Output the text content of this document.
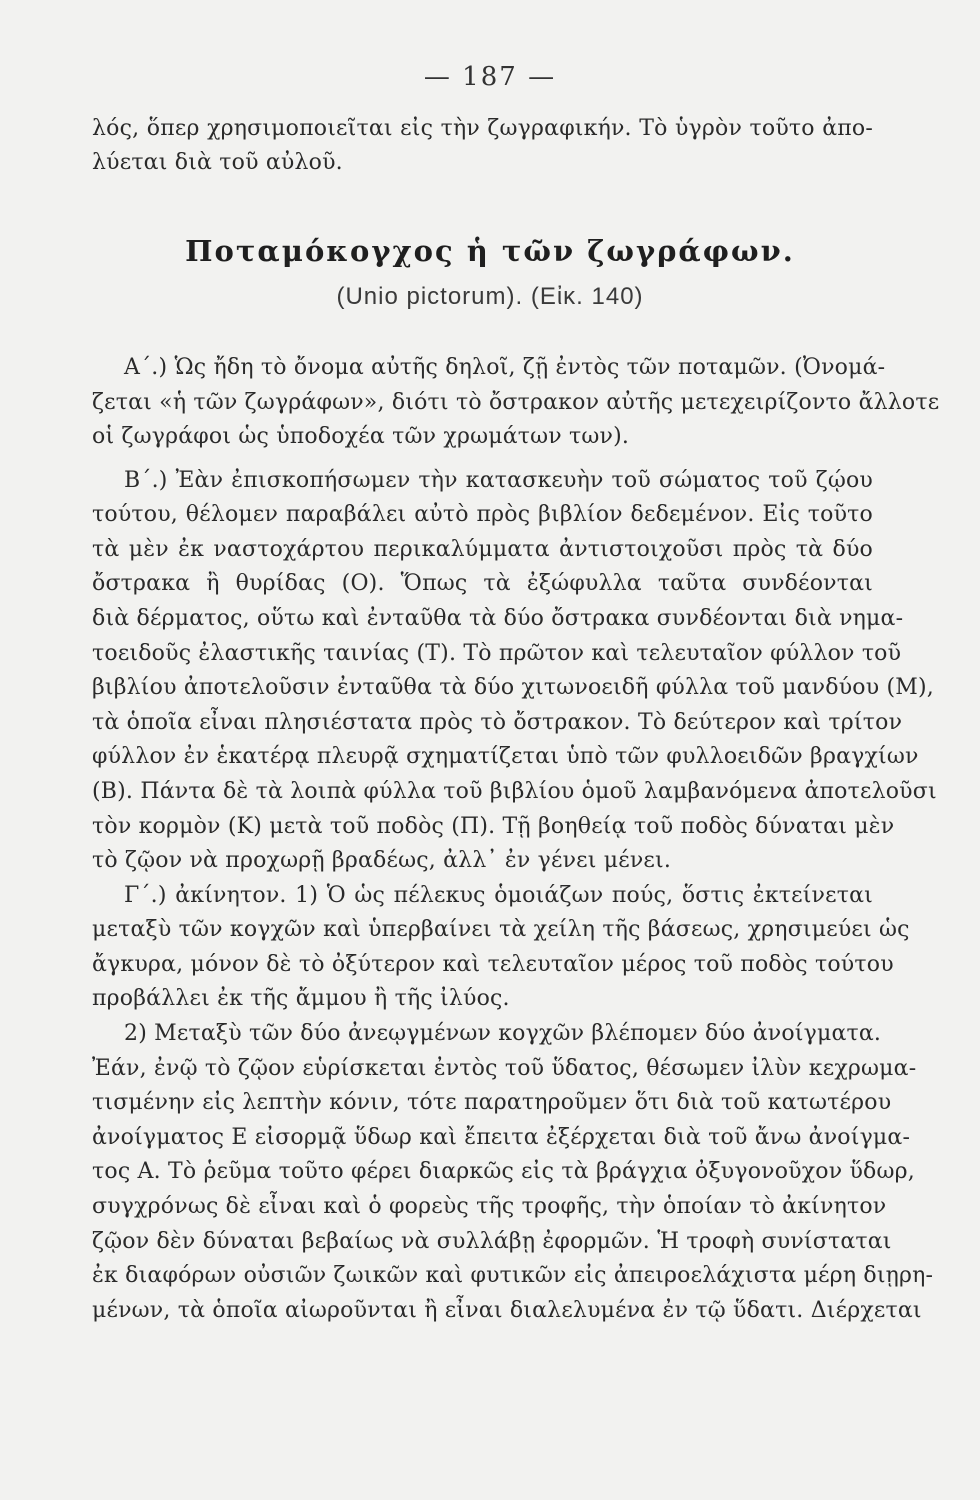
— 187 —
λός, ὅπερ χρησιμοποιεῖται εἰς τὴν ζωγραφικήν. Τὸ ὑγρὸν τοῦτο ἀπο-
λύεται διὰ τοῦ αὐλοῦ.
Ποταμόκογχος ἡ τῶν ζωγράφων.
(Unio pictorum). (Εἰκ. 140)
Α΄.) Ὡς ἤδη τὸ ὄνομα αὐτῆς δηλοῖ, ζῇ ἐντὸς τῶν ποταμῶν. (Ὀνομά-
ζεται «ἡ τῶν ζωγράφων», διότι τὸ ὄστρακον αὐτῆς μετεχειρίζοντο ἄλλοτε
οἱ ζωγράφοι ὡς ὑποδοχέα τῶν χρωμάτων των).
Β΄.) Ἐὰν ἐπισκοπήσωμεν τὴν κατασκευὴν τοῦ σώματος τοῦ ζῴου
τούτου, θέλομεν παραβάλει αὐτὸ πρὸς βιβλίον δεδεμένον. Εἰς τοῦτο
τὰ μὲν ἐκ ναστοχάρτου περικαλύμματα ἀντιστοιχοῦσι πρὸς τὰ δύο
ὄστρακα ἢ θυρίδας (Ο). Ὅπως τὰ ἐξώφυλλα ταῦτα συνδέονται
διὰ δέρματος, οὕτω καὶ ἐνταῦθα τὰ δύο ὄστρακα συνδέονται διὰ νημα-
τοειδοῦς ἐλαστικῆς ταινίας (Τ). Τὸ πρῶτον καὶ τελευταῖον φύλλον τοῦ
βιβλίου ἀποτελοῦσιν ἐνταῦθα τὰ δύο χιτωνοειδῆ φύλλα τοῦ μανδύου (Μ),
τὰ ὁποῖα εἶναι πλησιέστατα πρὸς τὸ ὄστρακον. Τὸ δεύτερον καὶ τρίτον
φύλλον ἐν ἑκατέρᾳ πλευρᾷ σχηματίζεται ὑπὸ τῶν φυλλοειδῶν βραγχίων
(Β). Πάντα δὲ τὰ λοιπὰ φύλλα τοῦ βιβλίου ὁμοῦ λαμβανόμενα ἀποτελοῦσι
τὸν κορμὸν (Κ) μετὰ τοῦ ποδὸς (Π). Τῇ βοηθείᾳ τοῦ ποδὸς δύναται μὲν
τὸ ζῷον νὰ προχωρῇ βραδέως, ἀλλ᾽ ἐν γένει μένει.
Γ΄.) ἀκίνητον. 1) Ὁ ὡς πέλεκυς ὁμοιάζων πούς, ὅστις ἐκτείνεται
μεταξὺ τῶν κογχῶν καὶ ὑπερβαίνει τὰ χείλη τῆς βάσεως, χρησιμεύει ὡς
ἄγκυρα, μόνον δὲ τὸ ὀξύτερον καὶ τελευταῖον μέρος τοῦ ποδὸς τούτου
προβάλλει ἐκ τῆς ἄμμου ἢ τῆς ἰλύος.
2) Μεταξὺ τῶν δύο ἀνεῳγμένων κογχῶν βλέπομεν δύο ἀνοίγματα.
Ἐάν, ἐνῷ τὸ ζῷον εὑρίσκεται ἐντὸς τοῦ ὕδατος, θέσωμεν ἰλὺν κεχρωμα-
τισμένην εἰς λεπτὴν κόνιν, τότε παρατηροῦμεν ὅτι διὰ τοῦ κατωτέρου
ἀνοίγματος Ε εἰσορμᾷ ὕδωρ καὶ ἔπειτα ἐξέρχεται διὰ τοῦ ἄνω ἀνοίγμα-
τος Α. Τὸ ῥεῦμα τοῦτο φέρει διαρκῶς εἰς τὰ βράγχια ὀξυγονοῦχον ὕδωρ,
συγχρόνως δὲ εἶναι καὶ ὁ φορεὺς τῆς τροφῆς, τὴν ὁποίαν τὸ ἀκίνητον
ζῷον δὲν δύναται βεβαίως νὰ συλλάβῃ ἐφορμῶν. Ἡ τροφὴ συνίσταται
ἐκ διαφόρων οὐσιῶν ζωικῶν καὶ φυτικῶν εἰς ἀπειροελάχιστα μέρη διῃρη-
μένων, τὰ ὁποῖα αἰωροῦνται ἢ εἶναι διαλελυμένα ἐν τῷ ὕδατι. Διέρχεται
